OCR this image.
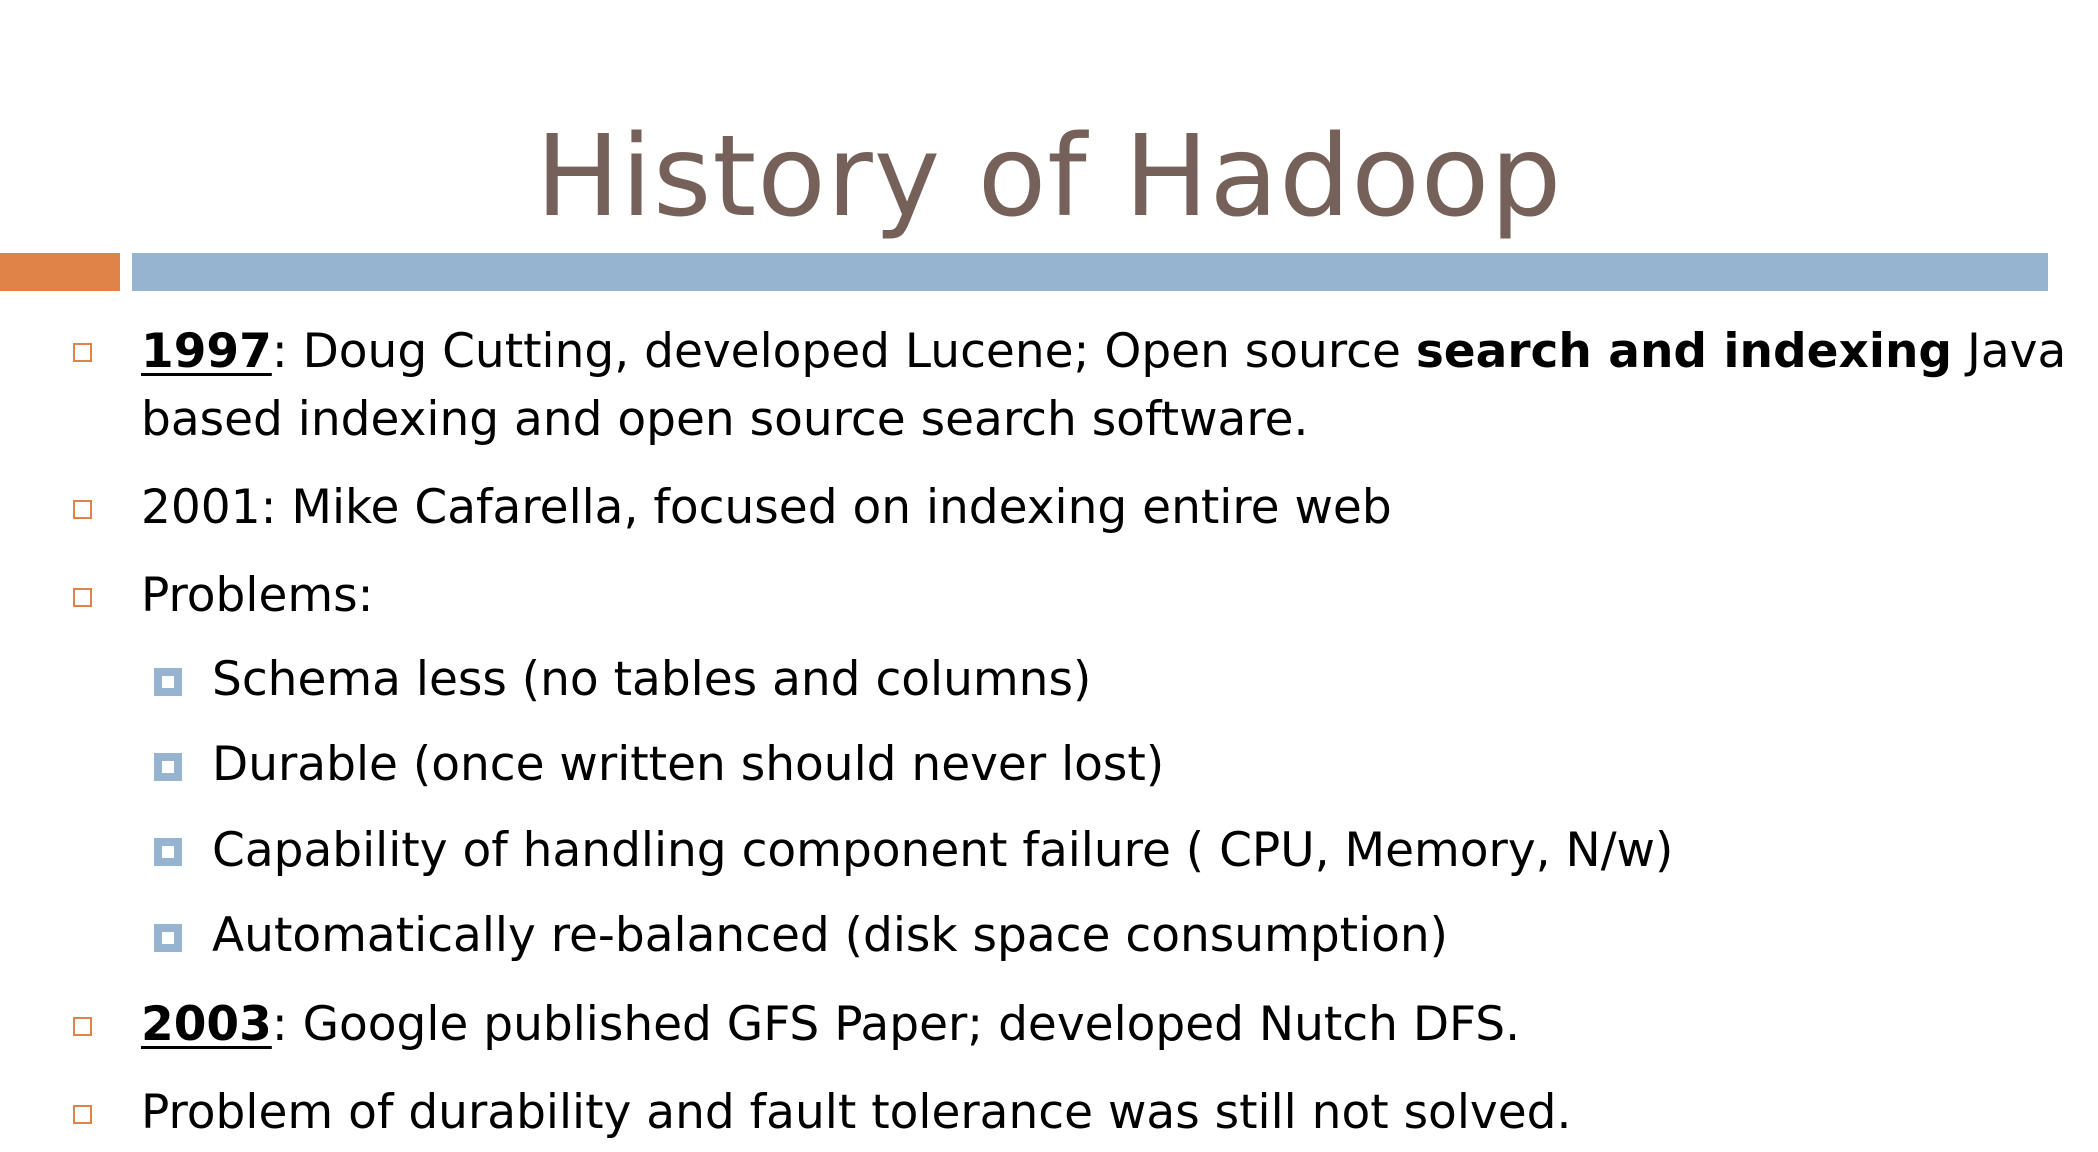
History of Hadoop
1997: Doug Cutting, developed Lucene; Open source search and indexing Java
based indexing and open source search software.
2001: Mike Cafarella, focused on indexing entire web
Problems:
Schema less (no tables and columns)
Durable (once written should never lost)
Capability of handling component failure ( CPU, Memory, N/w)
Automatically re-balanced (disk space consumption)
2003: Google published GFS Paper; developed Nutch DFS.
Problem of durability and fault tolerance was still not solved.
